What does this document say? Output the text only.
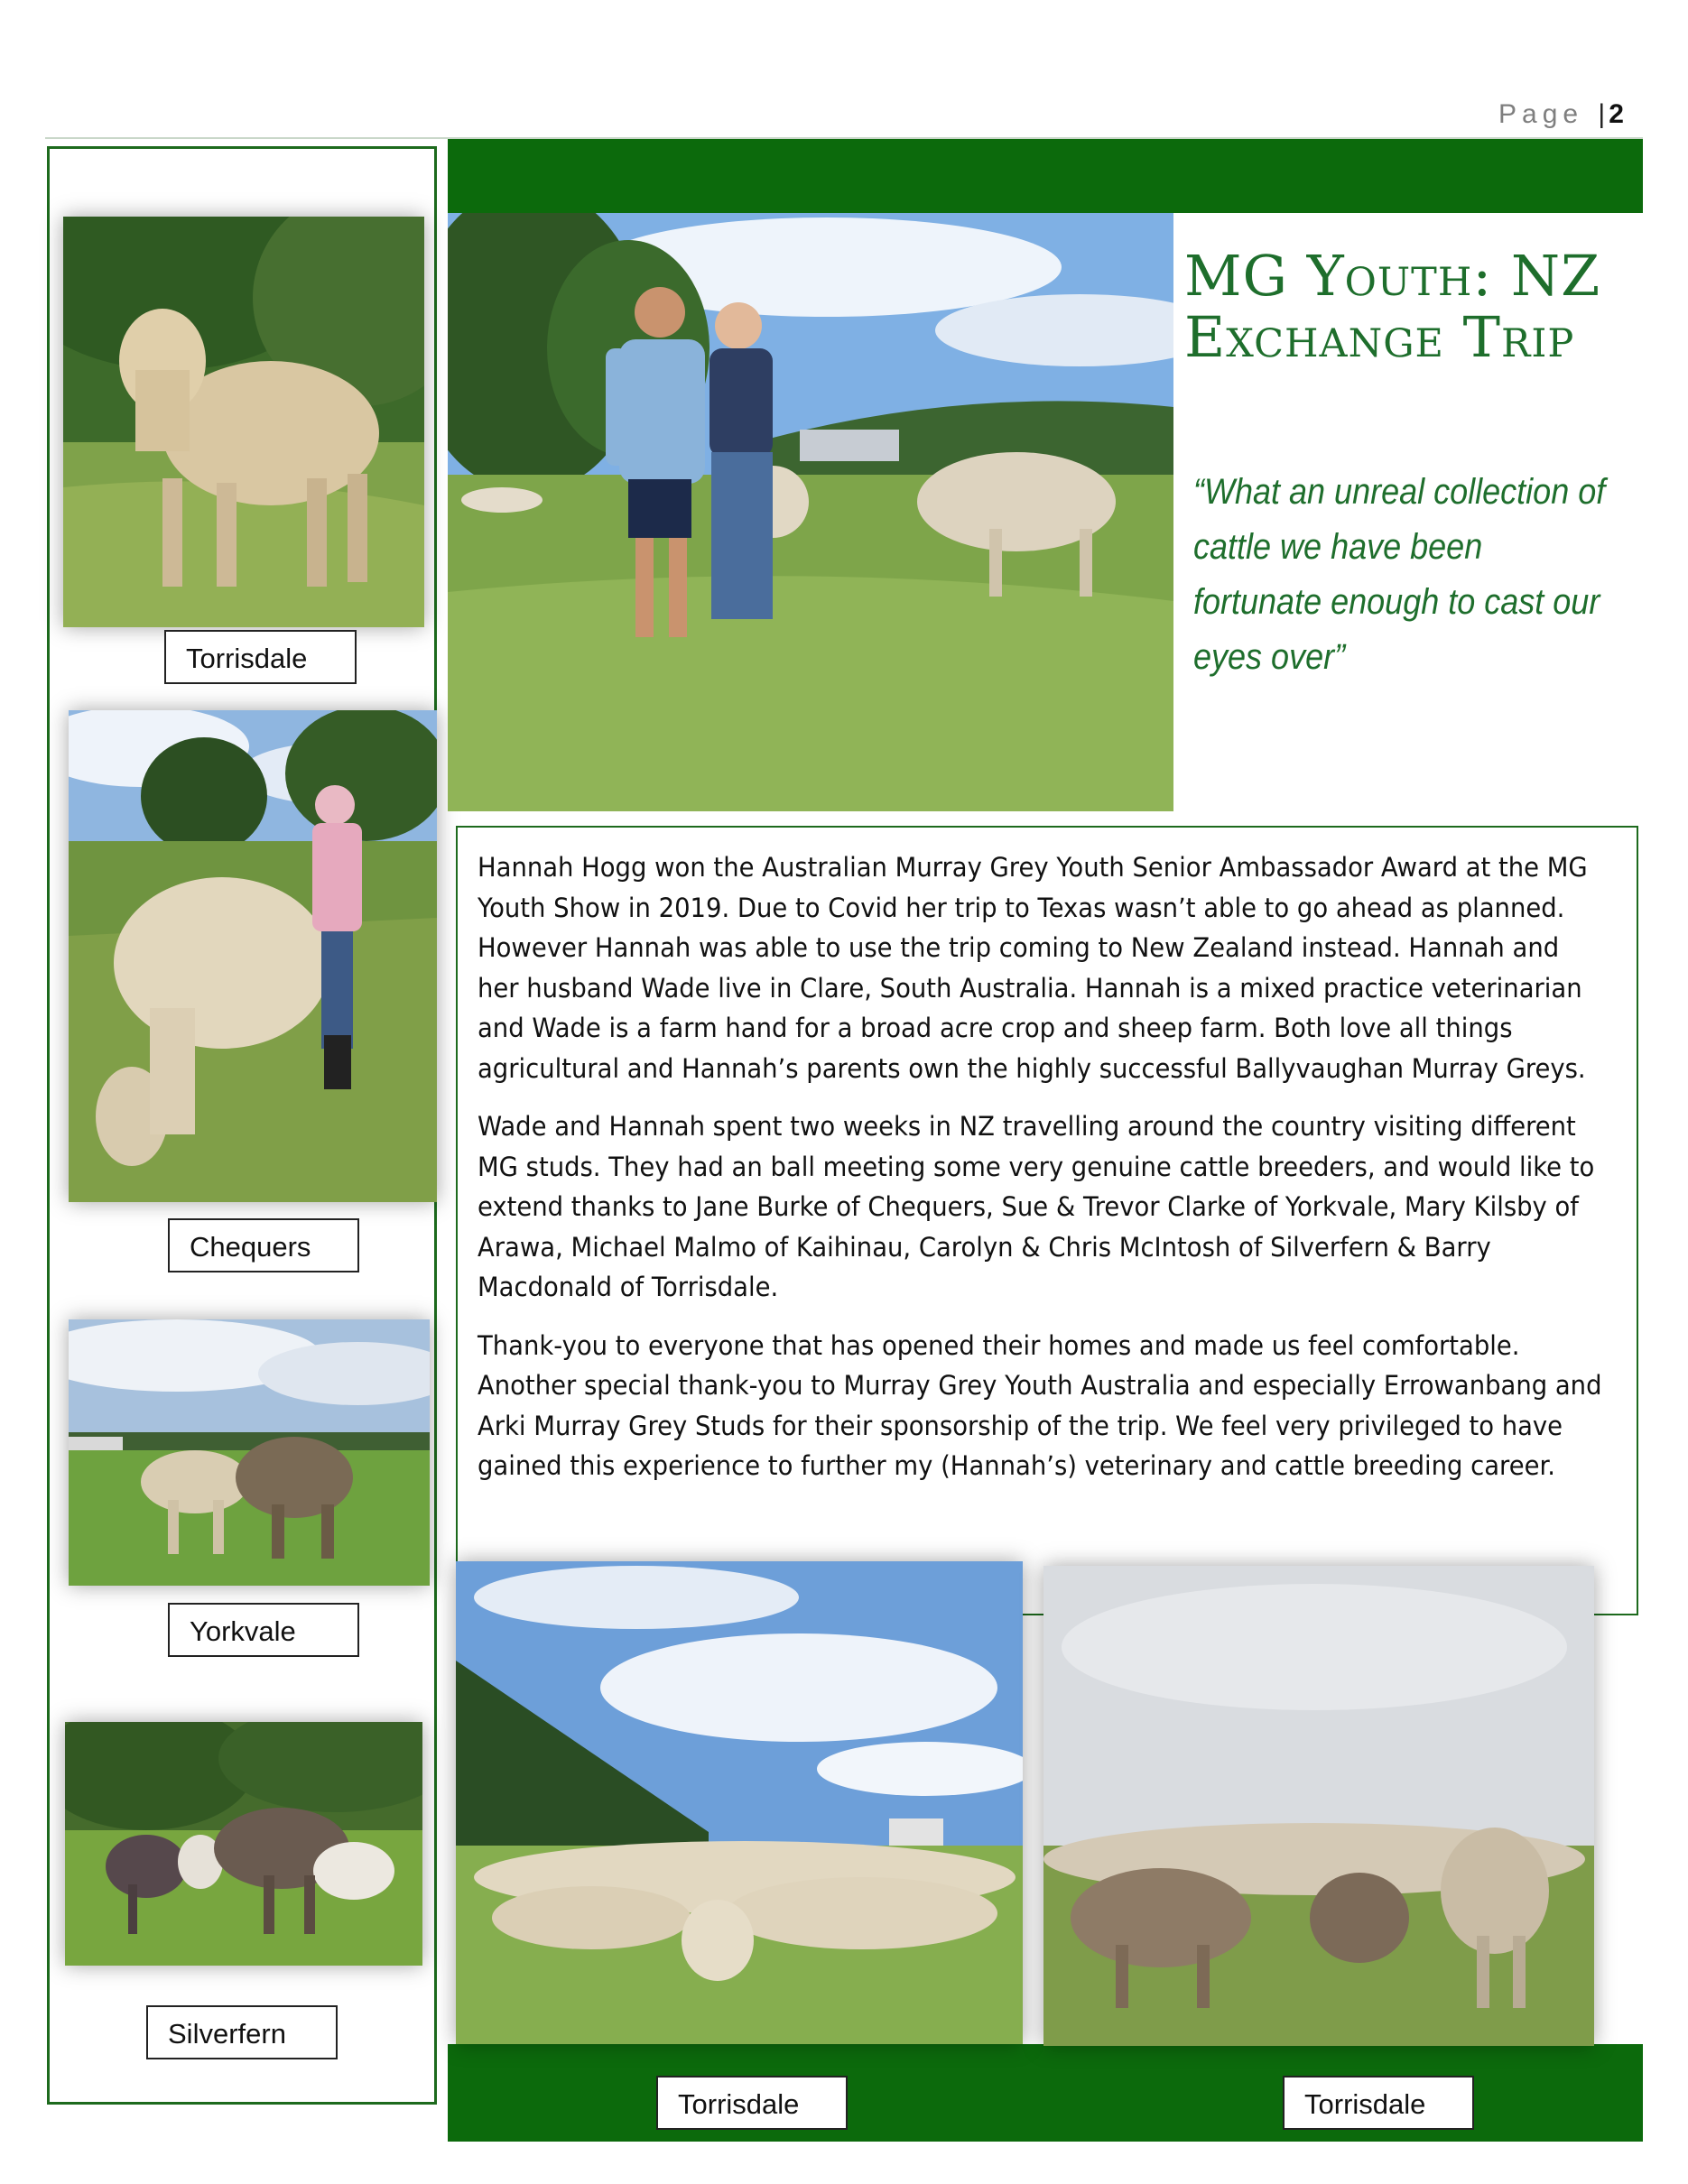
Page | 2
Torrisdale
Chequers
Yorkvale
Silverfern
MG Youth: NZ Exchange Trip
“What an unreal collection of cattle we have been fortunate enough to cast our eyes over”

Hannah Hogg won the Australian Murray Grey Youth Senior Ambassador Award at the MG Youth Show in 2019. Due to Covid her trip to Texas wasn’t able to go ahead as planned. However Hannah was able to use the trip coming to New Zealand instead. Hannah and her husband Wade live in Clare, South Australia. Hannah is a mixed practice veterinarian and Wade is a farm hand for a broad acre crop and sheep farm. Both love all things agricultural and Hannah’s parents own the highly successful Ballyvaughan Murray Greys.

Wade and Hannah spent two weeks in NZ travelling around the country visiting different MG studs. They had an ball meeting some very genuine cattle breeders, and would like to extend thanks to Jane Burke of Chequers, Sue & Trevor Clarke of Yorkvale, Mary Kilsby of Arawa, Michael Malmo of Kaihinau, Carolyn & Chris McIntosh of Silverfern & Barry Macdonald of Torrisdale.

Thank-you to everyone that has opened their homes and made us feel comfortable. Another special thank-you to Murray Grey Youth Australia and especially Errowanbang and Arki Murray Grey Studs for their sponsorship of the trip. We feel very privileged to have gained this experience to further my (Hannah’s) veterinary and cattle breeding career.

Torrisdale	Torrisdale
